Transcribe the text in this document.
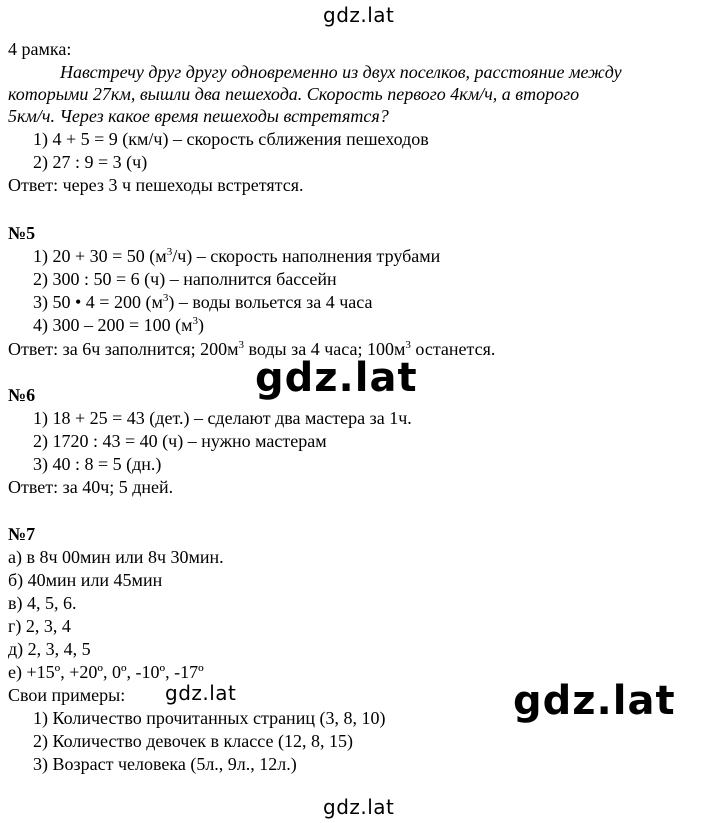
gdz.lat
4 рамка:
Навстречу друг другу одновременно из двух поселков, расстояние между
которыми 27км, вышли два пешехода. Скорость первого 4км/ч, а второго
5км/ч. Через какое время пешеходы встретятся?
1) 4 + 5 = 9 (км/ч) – скорость сближения пешеходов
2) 27 : 9 = 3 (ч)
Ответ: через 3 ч пешеходы встретятся.
№5
1) 20 + 30 = 50 $(м^3/ч)$ – скорость наполнения трубами
2) 300 : 50 = 6 (ч) – наполнится бассейн
3) 50 • 4 = 200 $(м^3)$ – воды вольется за 4 часа
4) 300 – 200 = 100 $(м^3)$
Ответ: за 6ч заполнится; $200м^3$ воды за 4 часа; $100м^3$ останется.
gdz.lat
№6
1) 18 + 25 = 43 (дет.) – сделают два мастера за 1ч.
2) 1720 : 43 = 40 (ч) – нужно мастерам
3) 40 : 8 = 5 (дн.)
Ответ: за 40ч; 5 дней.
№7
а) в 8ч 00мин или 8ч 30мин.
б) 40мин или 45мин
в) 4, 5, 6.
г) 2, 3, 4
д) 2, 3, 4, 5
е) +15º, +20º, 0º, -10º, -17º
Свои примеры: gdz.lat
1) Количество прочитанных страниц (3, 8, 10)
2) Количество девочек в классе (12, 8, 15)
3) Возраст человека (5л., 9л., 12л.)
gdz.lat
gdz.lat
